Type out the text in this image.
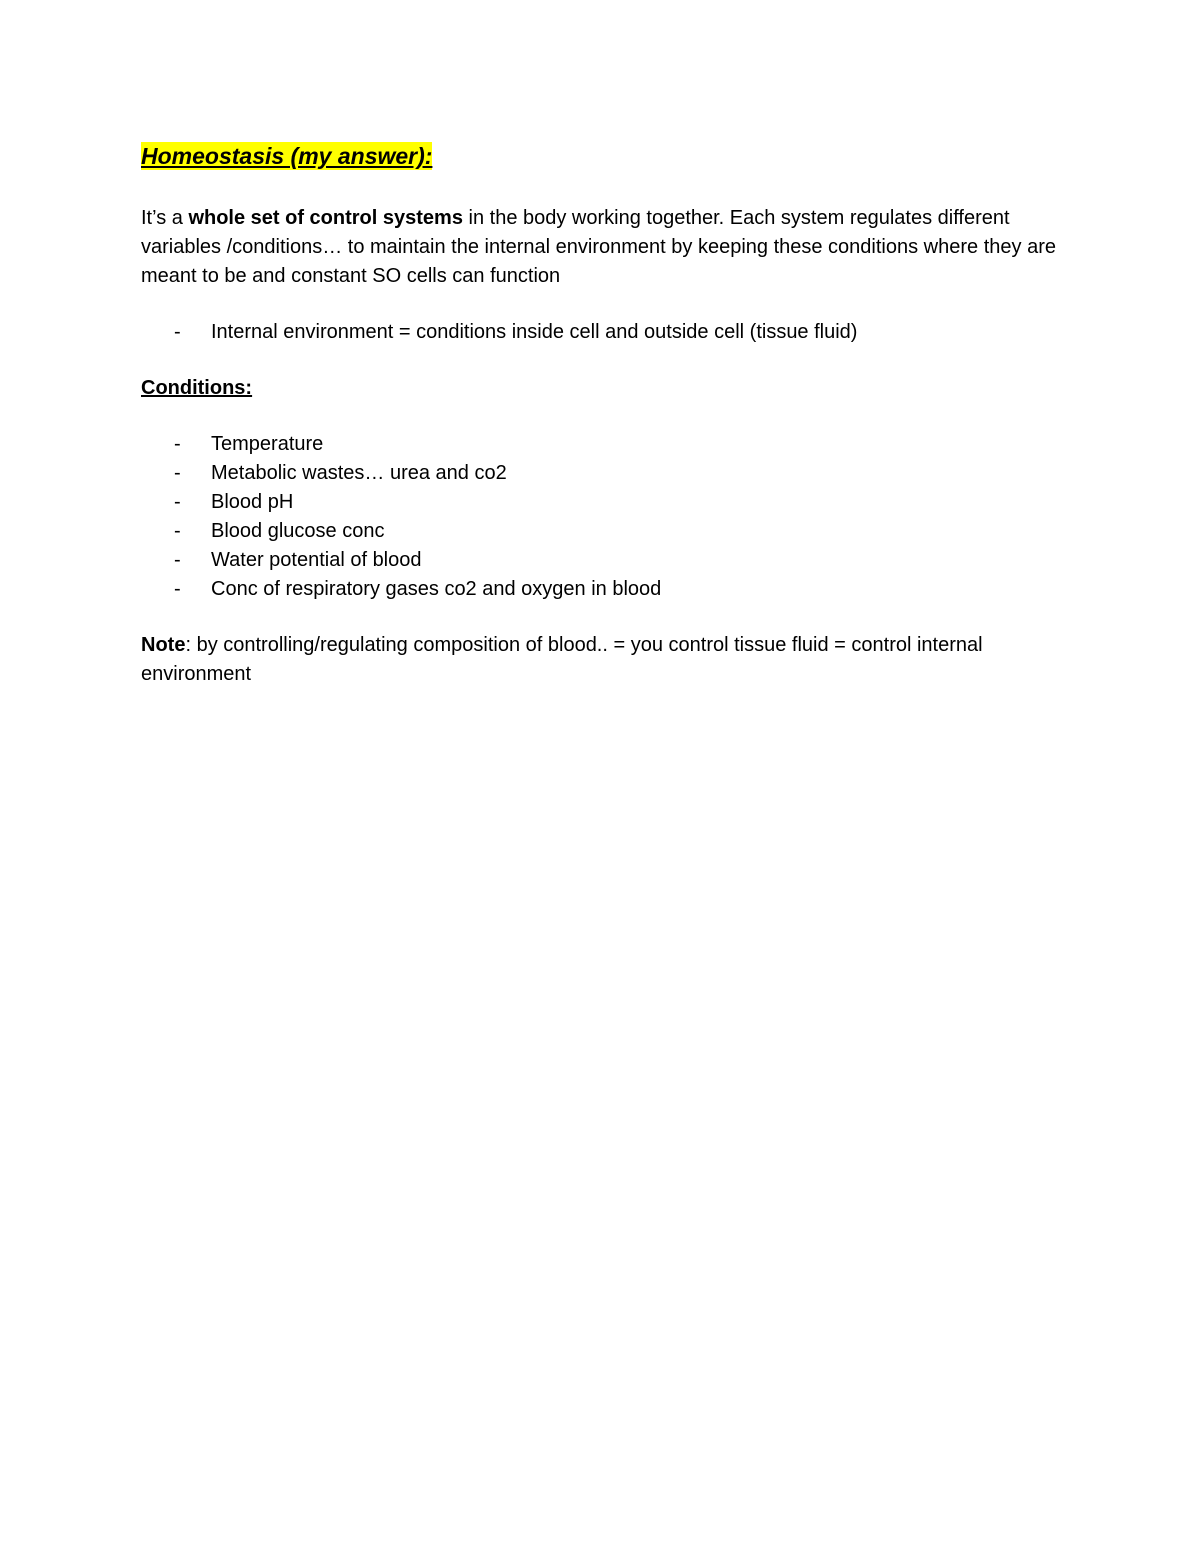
Homeostasis (my answer):

It’s a whole set of control systems in the body working together. Each system regulates different variables /conditions… to maintain the internal environment by keeping these conditions where they are meant to be and constant SO cells can function

- Internal environment = conditions inside cell and outside cell (tissue fluid)

Conditions:

- Temperature
- Metabolic wastes… urea and co2
- Blood pH
- Blood glucose conc
- Water potential of blood
- Conc of respiratory gases co2 and oxygen in blood

Note: by controlling/regulating composition of blood.. = you control tissue fluid = control internal environment
